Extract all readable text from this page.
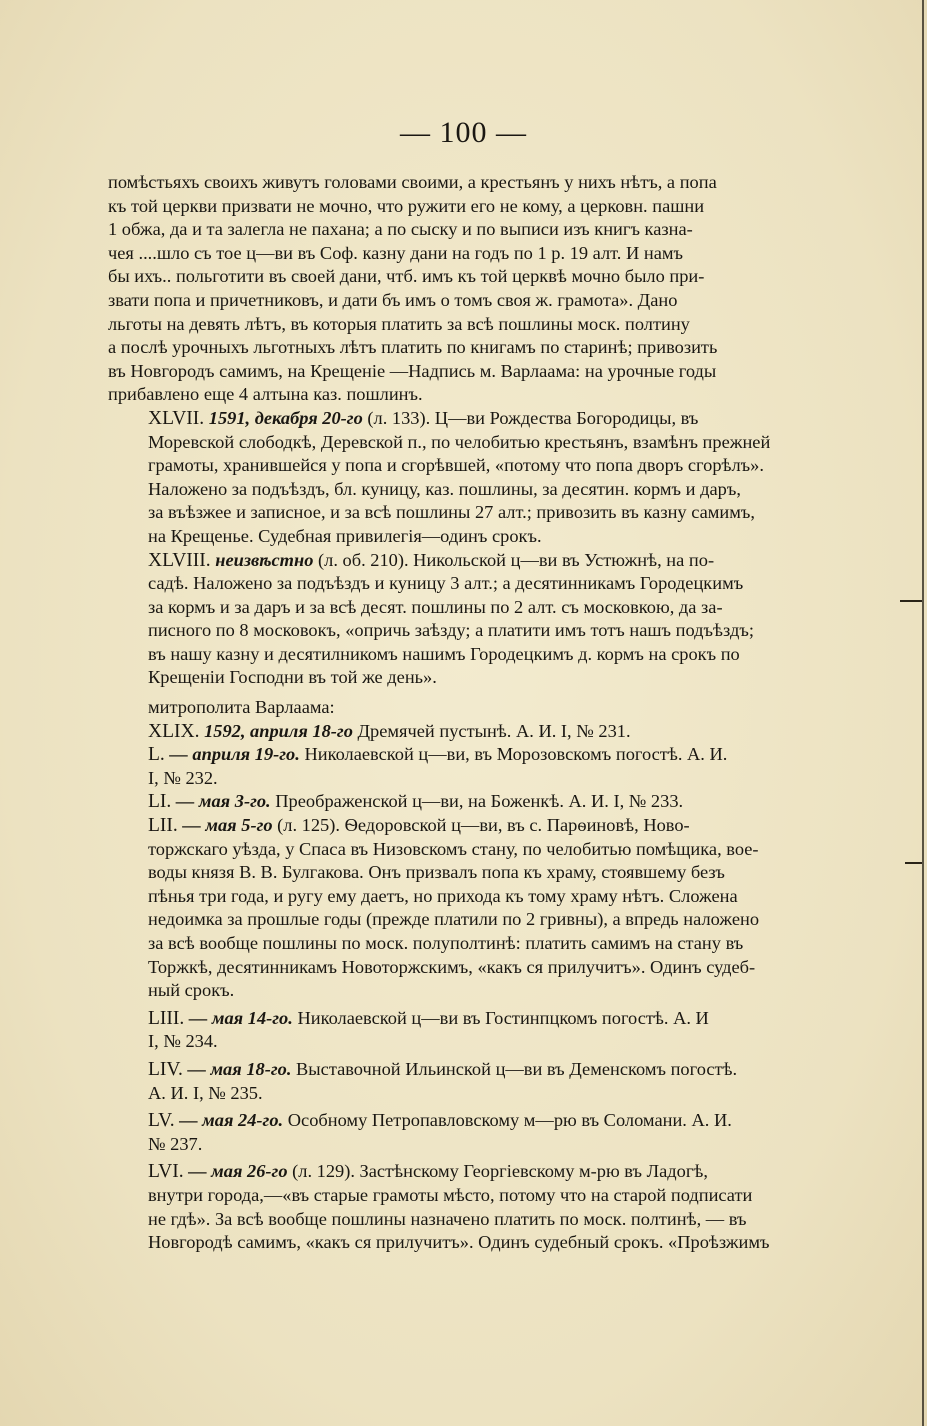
— 100 —
помѣстьяхъ своихъ живутъ головами своими, а крестьянъ у нихъ нѣтъ, а попа
къ той церкви призвати не мочно, что ружити его не кому, а церковн. пашни
1 обжа, да и та залегла не пахана; а по сыску и по выписи изъ книгъ казна-
чея ....шло съ тое ц—ви въ Соф. казну дани на годъ по 1 р. 19 алт. И намъ
бы ихъ.. польготити въ своей дани, чтб. имъ къ той церквѣ мочно было при-
звати попа и причетниковъ, и дати бъ имъ о томъ своя ж. грамота». Дано
льготы на девять лѣтъ, въ которыя платить за всѣ пошлины моск. полтину
а послѣ урочныхъ льготныхъ лѣтъ платить по книгамъ по старинѣ; привозить
въ Новгородъ самимъ, на Крещеніе —Надпись м. Варлаама: на урочные годы
прибавлено еще 4 алтына каз. пошлинъ.
XLVII. 1591, декабря 20-го (л. 133). Ц—ви Рождества Богородицы, въ
Моревской слободкѣ, Деревской п., по челобитью крестьянъ, взамѣнъ прежней
грамоты, хранившейся у попа и сгорѣвшей, «потому что попа дворъ сгорѣлъ».
Наложено за подъѣздъ, бл. куницу, каз. пошлины, за десятин. кормъ и даръ,
за въѣзжее и записное, и за всѣ пошлины 27 алт.; привозить въ казну самимъ,
на Крещенье. Судебная привилегія—одинъ срокъ.
XLVIII. неизвѣстно (л. об. 210). Никольской ц—ви въ Устюжнѣ, на по-
садѣ. Наложено за подъѣздъ и куницу 3 алт.; а десятинникамъ Городецкимъ
за кормъ и за даръ и за всѣ десят. пошлины по 2 алт. съ московкою, да за-
писного по 8 московокъ, «опричь заѣзду; а платити имъ тотъ нашъ подъѣздъ;
въ нашу казну и десятилникомъ нашимъ Городецкимъ д. кормъ на срокъ по
Крещеніи Господни въ той же день».
митрополита Варлаама:
XLIX. 1592, априля 18-го Дремячей пустынѣ. А. И. I, № 231.
L. — априля 19-го. Николаевской ц—ви, въ Морозовскомъ погостѣ. А. И.
I, № 232.
LI. — мая 3-го. Преображенской ц—ви, на Боженкѣ. А. И. I, № 233.
LII. — мая 5-го (л. 125). Ѳедоровской ц—ви, въ с. Парѳиновѣ, Ново-
торжскаго уѣзда, у Спаса въ Низовскомъ стану, по челобитью помѣщика, вое-
воды князя В. В. Булгакова. Онъ призвалъ попа къ храму, стоявшему безъ
пѣнья три года, и ругу ему даетъ, но прихода къ тому храму нѣтъ. Сложена
недоимка за прошлые годы (прежде платили по 2 гривны), а впредь наложено
за всѣ вообще пошлины по моск. полуполтинѣ: платить самимъ на стану въ
Торжкѣ, десятинникамъ Новоторжскимъ, «какъ ся прилучитъ». Одинъ судеб-
ный срокъ.
LIII. — мая 14-го. Николаевской ц—ви въ Гостинпцкомъ погостѣ. А. И
I, № 234.
LIV. — мая 18-го. Выставочной Ильинской ц—ви въ Деменскомъ погостѣ.
А. И. I, № 235.
LV. — мая 24-го. Особному Петропавловскому м—рю въ Соломани. А. И.
№ 237.
LVI. — мая 26-го (л. 129). Застѣнскому Георгіевскому м-рю въ Ладогѣ,
внутри города,—«въ старые грамоты мѣсто, потому что на старой подписати
не гдѣ». За всѣ вообще пошлины назначено платить по моск. полтинѣ, — въ
Новгородѣ самимъ, «какъ ся прилучитъ». Одинъ судебный срокъ. «Проѣзжимъ
